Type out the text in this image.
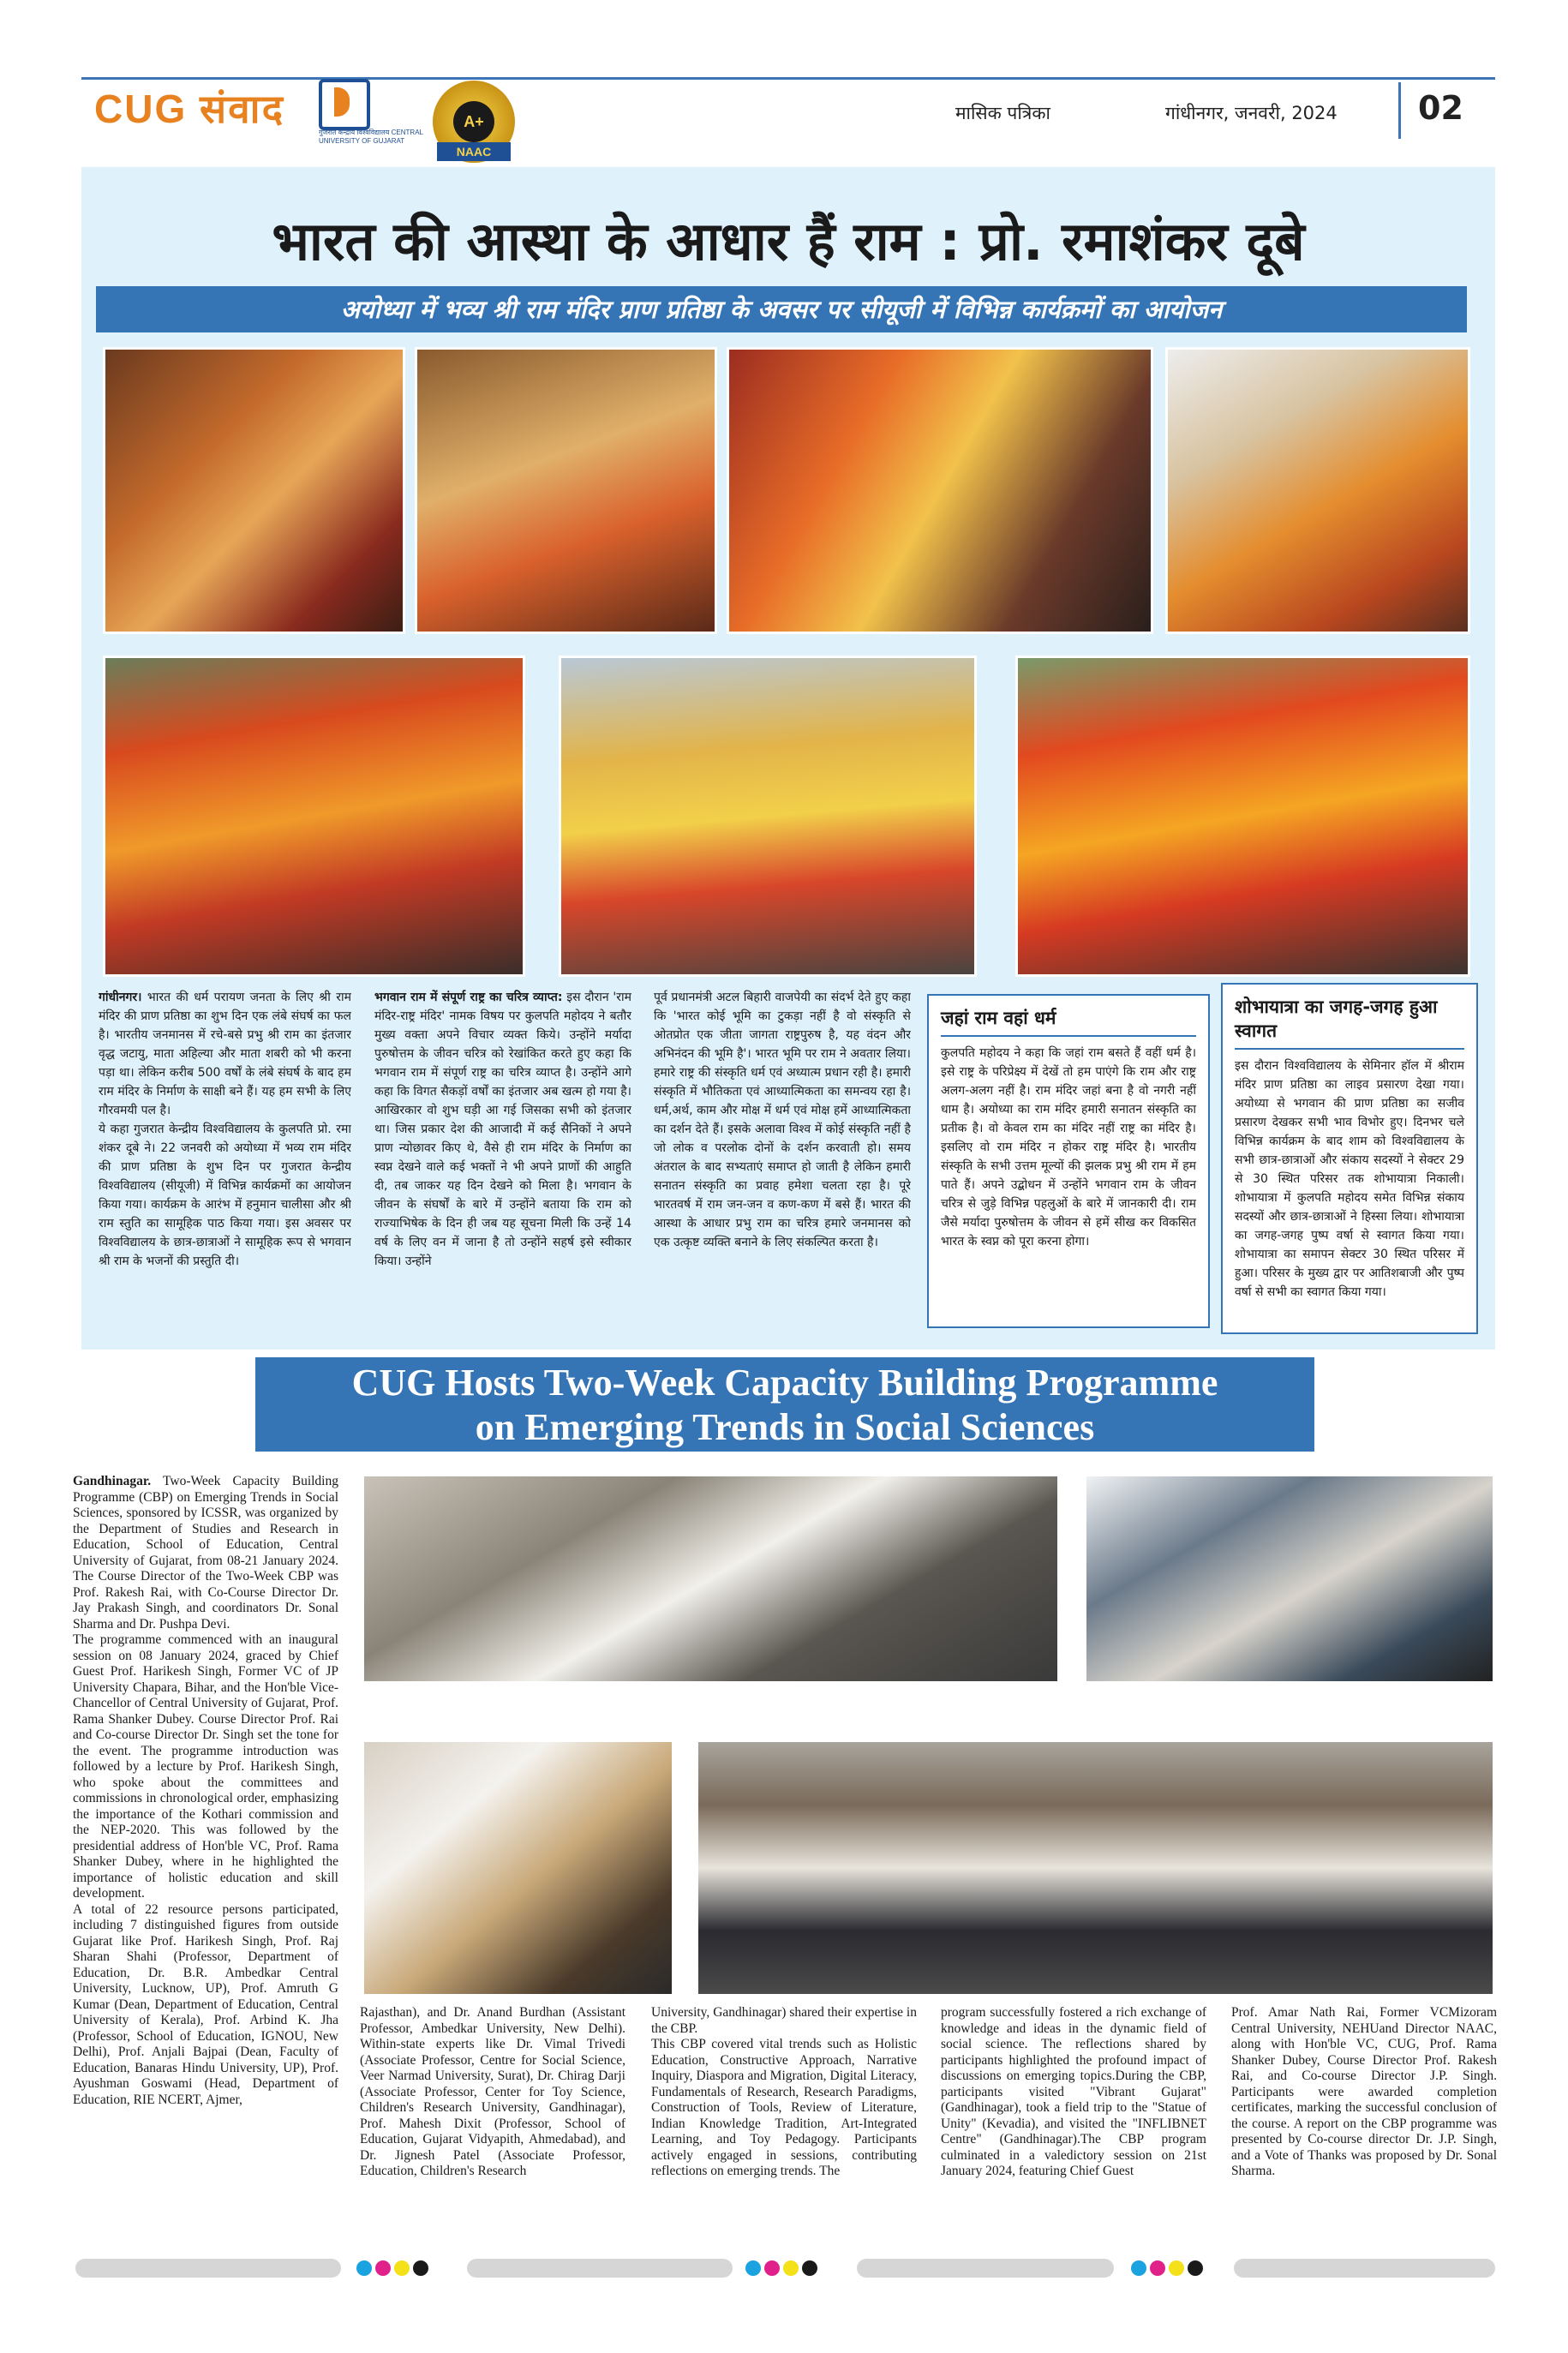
CUG संवाद
गुजरात केन्द्रीय विश्वविद्यालय CENTRAL UNIVERSITY OF GUJARAT
A+
NAAC
मासिक पत्रिका	गांधीनगर, जनवरी, 2024 02
भारत की आस्था के आधार हैं राम : प्रो. रमाशंकर दूबे
अयोध्या में भव्य श्री राम मंदिर प्राण प्रतिष्ठा के अवसर पर सीयूजी में विभिन्न कार्यक्रमों का आयोजन
गांधीनगर। भारत की धर्म परायण जनता के लिए श्री राम मंदिर की प्राण प्रतिष्ठा का शुभ दिन एक लंबे संघर्ष का फल है। भारतीय जनमानस में रचे-बसे प्रभु श्री राम का इंतजार वृद्ध जटायु, माता अहिल्या और माता शबरी को भी करना पड़ा था। लेकिन करीब 500 वर्षों के लंबे संघर्ष के बाद हम राम मंदिर के निर्माण के साक्षी बने हैं। यह हम सभी के लिए गौरवमयी पल है।
ये कहा गुजरात केन्द्रीय विश्वविद्यालय के कुलपति प्रो. रमा शंकर दूबे ने। 22 जनवरी को अयोध्या में भव्य राम मंदिर की प्राण प्रतिष्ठा के शुभ दिन पर गुजरात केन्द्रीय विश्वविद्यालय (सीयूजी) में विभिन्न कार्यक्रमों का आयोजन किया गया। कार्यक्रम के आरंभ में हनुमान चालीसा और श्री राम स्तुति का सामूहिक पाठ किया गया। इस अवसर पर विश्वविद्यालय के छात्र-छात्राओं ने सामूहिक रूप से भगवान श्री राम के भजनों की प्रस्तुति दी।
भगवान राम में संपूर्ण राष्ट्र का चरित्र व्याप्त: इस दौरान 'राम मंदिर-राष्ट्र मंदिर' नामक विषय पर कुलपति महोदय ने बतौर मुख्य वक्ता अपने विचार व्यक्त किये। उन्होंने मर्यादा पुरुषोत्तम के जीवन चरित्र को रेखांकित करते हुए कहा कि भगवान राम में संपूर्ण राष्ट्र का चरित्र व्याप्त है। उन्होंने आगे कहा कि विगत सैकड़ों वर्षों का इंतजार अब खत्म हो गया है। आखिरकार वो शुभ घड़ी आ गई जिसका सभी को इंतजार था। जिस प्रकार देश की आजादी में कई सैनिकों ने अपने प्राण न्योछावर किए थे, वैसे ही राम मंदिर के निर्माण का स्वप्न देखने वाले कई भक्तों ने भी अपने प्राणों की आहुति दी, तब जाकर यह दिन देखने को मिला है। भगवान के जीवन के संघर्षों के बारे में उन्होंने बताया कि राम को राज्याभिषेक के दिन ही जब यह सूचना मिली कि उन्हें 14 वर्ष के लिए वन में जाना है तो उन्होंने सहर्ष इसे स्वीकार किया। उन्होंने
पूर्व प्रधानमंत्री अटल बिहारी वाजपेयी का संदर्भ देते हुए कहा कि 'भारत कोई भूमि का टुकड़ा नहीं है वो संस्कृति से ओतप्रोत एक जीता जागता राष्ट्रपुरुष है, यह वंदन और अभिनंदन की भूमि है'। भारत भूमि पर राम ने अवतार लिया। हमारे राष्ट्र की संस्कृति धर्म एवं अध्यात्म प्रधान रही है। हमारी संस्कृति में भौतिकता एवं आध्यात्मिकता का समन्वय रहा है। धर्म,अर्थ, काम और मोक्ष में धर्म एवं मोक्ष हमें आध्यात्मिकता का दर्शन देते हैं। इसके अलावा विश्व में कोई संस्कृति नहीं है जो लोक व परलोक दोनों के दर्शन करवाती हो। समय अंतराल के बाद सभ्यताएं समाप्त हो जाती है लेकिन हमारी सनातन संस्कृति का प्रवाह हमेशा चलता रहा है। पूरे भारतवर्ष में राम जन-जन व कण-कण में बसे हैं। भारत की आस्था के आधार प्रभु राम का चरित्र हमारे जनमानस को एक उत्कृष्ट व्यक्ति बनाने के लिए संकल्पित करता है।
जहां राम वहां धर्म
कुलपति महोदय ने कहा कि जहां राम बसते हैं वहीं धर्म है। इसे राष्ट्र के परिप्रेक्ष्य में देखें तो हम पाएंगे कि राम और राष्ट्र अलग-अलग नहीं है। राम मंदिर जहां बना है वो नगरी नहीं धाम है। अयोध्या का राम मंदिर हमारी सनातन संस्कृति का प्रतीक है। वो केवल राम का मंदिर नहीं राष्ट्र का मंदिर है। इसलिए वो राम मंदिर न होकर राष्ट्र मंदिर है। भारतीय संस्कृति के सभी उत्तम मूल्यों की झलक प्रभु श्री राम में हम पाते हैं। अपने उद्बोधन में उन्होंने भगवान राम के जीवन चरित्र से जुड़े विभिन्न पहलुओं के बारे में जानकारी दी। राम जैसे मर्यादा पुरुषोत्तम के जीवन से हमें सीख कर विकसित भारत के स्वप्न को पूरा करना होगा।
शोभायात्रा का जगह-जगह हुआ स्वागत
इस दौरान विश्वविद्यालय के सेमिनार हॉल में श्रीराम मंदिर प्राण प्रतिष्ठा का लाइव प्रसारण देखा गया। अयोध्या से भगवान की प्राण प्रतिष्ठा का सजीव प्रसारण देखकर सभी भाव विभोर हुए। दिनभर चले विभिन्न कार्यक्रम के बाद शाम को विश्वविद्यालय के सभी छात्र-छात्राओं और संकाय सदस्यों ने सेक्टर 29 से 30 स्थित परिसर तक शोभायात्रा निकाली। शोभायात्रा में कुलपति महोदय समेत विभिन्न संकाय सदस्यों और छात्र-छात्राओं ने हिस्सा लिया। शोभायात्रा का जगह-जगह पुष्प वर्षा से स्वागत किया गया। शोभायात्रा का समापन सेक्टर 30 स्थित परिसर में हुआ। परिसर के मुख्य द्वार पर आतिशबाजी और पुष्प वर्षा से सभी का स्वागत किया गया।
CUG Hosts Two-Week Capacity Building Programme
on Emerging Trends in Social Sciences
Gandhinagar. Two-Week Capacity Building Programme (CBP) on Emerging Trends in Social Sciences, sponsored by ICSSR, was organized by the Department of Studies and Research in Education, School of Education, Central University of Gujarat, from 08-21 January 2024. The Course Director of the Two-Week CBP was Prof. Rakesh Rai, with Co-Course Director Dr. Jay Prakash Singh, and coordinators Dr. Sonal Sharma and Dr. Pushpa Devi.
The programme commenced with an inaugural session on 08 January 2024, graced by Chief Guest Prof. Harikesh Singh, Former VC of JP University Chapara, Bihar, and the Hon'ble Vice-Chancellor of Central University of Gujarat, Prof. Rama Shanker Dubey. Course Director Prof. Rai and Co-course Director Dr. Singh set the tone for the event. The programme introduction was followed by a lecture by Prof. Harikesh Singh, who spoke about the committees and commissions in chronological order, emphasizing the importance of the Kothari commission and the NEP-2020. This was followed by the presidential address of Hon'ble VC, Prof. Rama Shanker Dubey, where in he highlighted the importance of holistic education and skill development.
A total of 22 resource persons participated, including 7 distinguished figures from outside Gujarat like Prof. Harikesh Singh, Prof. Raj Sharan Shahi (Professor, Department of Education, Dr. B.R. Ambedkar Central University, Lucknow, UP), Prof. Amruth G Kumar (Dean, Department of Education, Central University of Kerala), Prof. Arbind K. Jha (Professor, School of Education, IGNOU, New Delhi), Prof. Anjali Bajpai (Dean, Faculty of Education, Banaras Hindu University, UP), Prof. Ayushman Goswami (Head, Department of Education, RIE NCERT, Ajmer,
Rajasthan), and Dr. Anand Burdhan (Assistant Professor, Ambedkar University, New Delhi). Within-state experts like Dr. Vimal Trivedi (Associate Professor, Centre for Social Science, Veer Narmad University, Surat), Dr. Chirag Darji (Associate Professor, Center for Toy Science, Children's Research University, Gandhinagar), Prof. Mahesh Dixit (Professor, School of Education, Gujarat Vidyapith, Ahmedabad), and Dr. Jignesh Patel (Associate Professor, Education, Children's Research
University, Gandhinagar) shared their expertise in the CBP.
This CBP covered vital trends such as Holistic Education, Constructive Approach, Narrative Inquiry, Diaspora and Migration, Digital Literacy, Fundamentals of Research, Research Paradigms, Construction of Tools, Review of Literature, Indian Knowledge Tradition, Art-Integrated Learning, and Toy Pedagogy. Participants actively engaged in sessions, contributing reflections on emerging trends. The
program successfully fostered a rich exchange of knowledge and ideas in the dynamic field of social science. The reflections shared by participants highlighted the profound impact of discussions on emerging topics.During the CBP, participants visited "Vibrant Gujarat" (Gandhinagar), took a field trip to the "Statue of Unity" (Kevadia), and visited the "INFLIBNET Centre" (Gandhinagar).The CBP program culminated in a valedictory session on 21st January 2024, featuring Chief Guest
Prof. Amar Nath Rai, Former VCMizoram Central University, NEHUand Director NAAC, along with Hon'ble VC, CUG, Prof. Rama Shanker Dubey, Course Director Prof. Rakesh Rai, and Co-course Director J.P. Singh. Participants were awarded completion certificates, marking the successful conclusion of the course. A report on the CBP programme was presented by Co-course director Dr. J.P. Singh, and a Vote of Thanks was proposed by Dr. Sonal Sharma.
